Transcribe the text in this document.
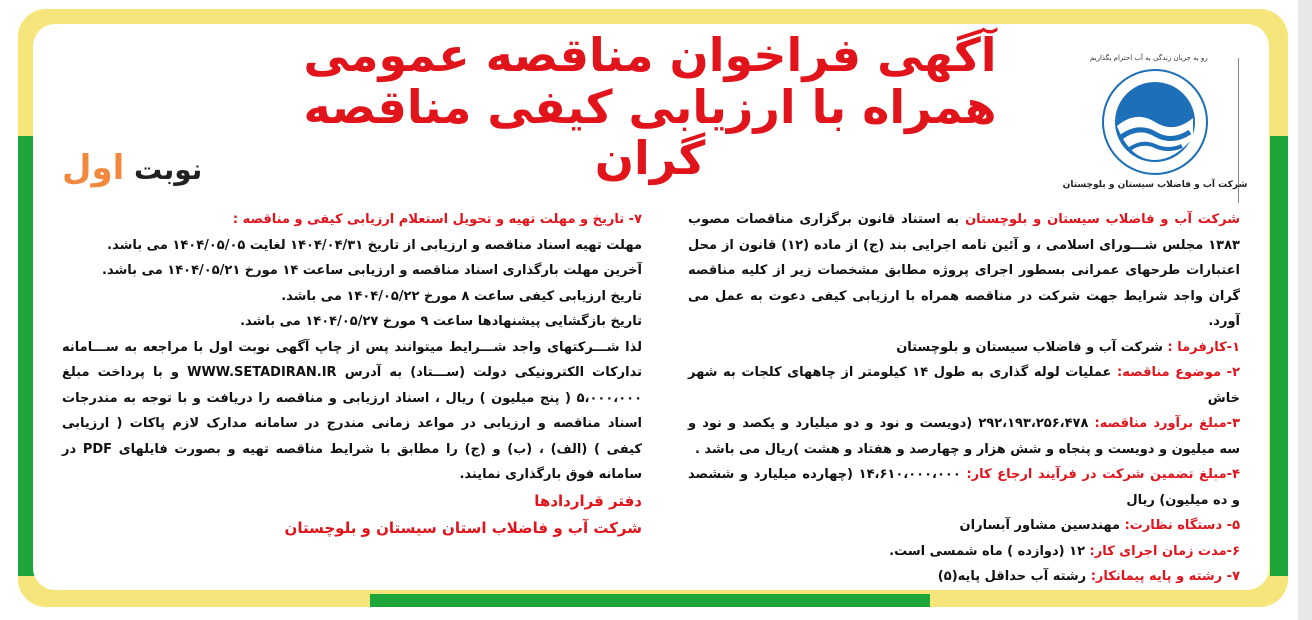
آگهی فراخوان مناقصه عمومی
همراه با ارزیابی کیفی مناقصه گران
نوبت اول
رو به جریان زندگی به آب احترام بگذاریم
شرکت آب و فاضلاب سیستان و بلوچستان

شرکت آب و فاضلاب سیستان و بلوچستان به استناد قانون برگزاری مناقصات مصوب ۱۳۸۳ مجلس شـــورای اسلامی ، و آئین نامه اجرایی بند (ج) از ماده (۱۲) قانون از محل اعتبارات طرحهای عمرانی بسطور اجرای پروژه مطابق مشخصات زیر از کلیه مناقصه گران واجد شرایط جهت شرکت در مناقصه همراه با ارزیابی کیفی دعوت به عمل می آورد.

۱-کارفرما : شرکت آب و فاضلاب سیستان و بلوچستان

۲- موضوع مناقصه: عملیات لوله گذاری به طول ۱۴ کیلومتر از چاههای کلجات به شهر خاش

۳-مبلغ برآورد مناقصه: ۲۹۲،۱۹۳،۲۵۶،۴۷۸ (دویست و نود و دو میلیارد و یکصد و نود و سه میلیون و دویست و پنجاه و شش هزار و چهارصد و هفتاد و هشت )ریال می باشد .

۴-مبلغ تضمین شرکت در فرآیند ارجاع کار: ۱۴،۶۱۰،۰۰۰،۰۰۰ (چهارده میلیارد و ششصد و ده میلیون) ریال

۵- دستگاه نظارت: مهندسین مشاور آبساران

۶-مدت زمان اجرای کار: ۱۲ (دوازده ) ماه شمسی است.

۷- رشته و پایه پیمانکار: رشته آب حداقل پایه(۵)

۷- تاریخ و مهلت تهیه و تحویل استعلام ارزیابی کیفی و مناقصه :

مهلت تهیه اسناد مناقصه و ارزیابی از تاریخ ۱۴۰۴/۰۴/۳۱ لغایت ۱۴۰۴/۰۵/۰۵ می باشد.

آخرین مهلت بارگذاری اسناد مناقصه و ارزیابی ساعت ۱۴ مورخ ۱۴۰۴/۰۵/۲۱ می باشد.

تاریخ ارزیابی کیفی ساعت ۸ مورخ ۱۴۰۴/۰۵/۲۲ می باشد.

تاریخ بازگشایی پیشنهادها ساعت ۹ مورخ ۱۴۰۴/۰۵/۲۷ می باشد.

لذا شـــرکتهای واجد شـــرایط میتوانند پس از چاپ آگهی نوبت اول با مراجعه به ســـامانه تدارکات الکترونیکی دولت (ســـتاد) به آدرس WWW.SETADIRAN.IR و با پرداخت مبلغ ۵،۰۰۰،۰۰۰ ( پنج میلیون ) ریال ، اسناد ارزیابی و مناقصه را دریافت و با توجه به مندرجات اسناد مناقصه و ارزیابی در مواعد زمانی مندرج در سامانه مدارک لازم پاکات ( ارزیابی کیفی ) (الف) ، (ب) و (ج) را مطابق با شرایط مناقصه تهیه و بصورت فایلهای PDF در سامانه فوق بارگذاری نمایند.

دفتر قراردادها

شرکت آب و فاضلاب استان سیستان و بلوچستان
